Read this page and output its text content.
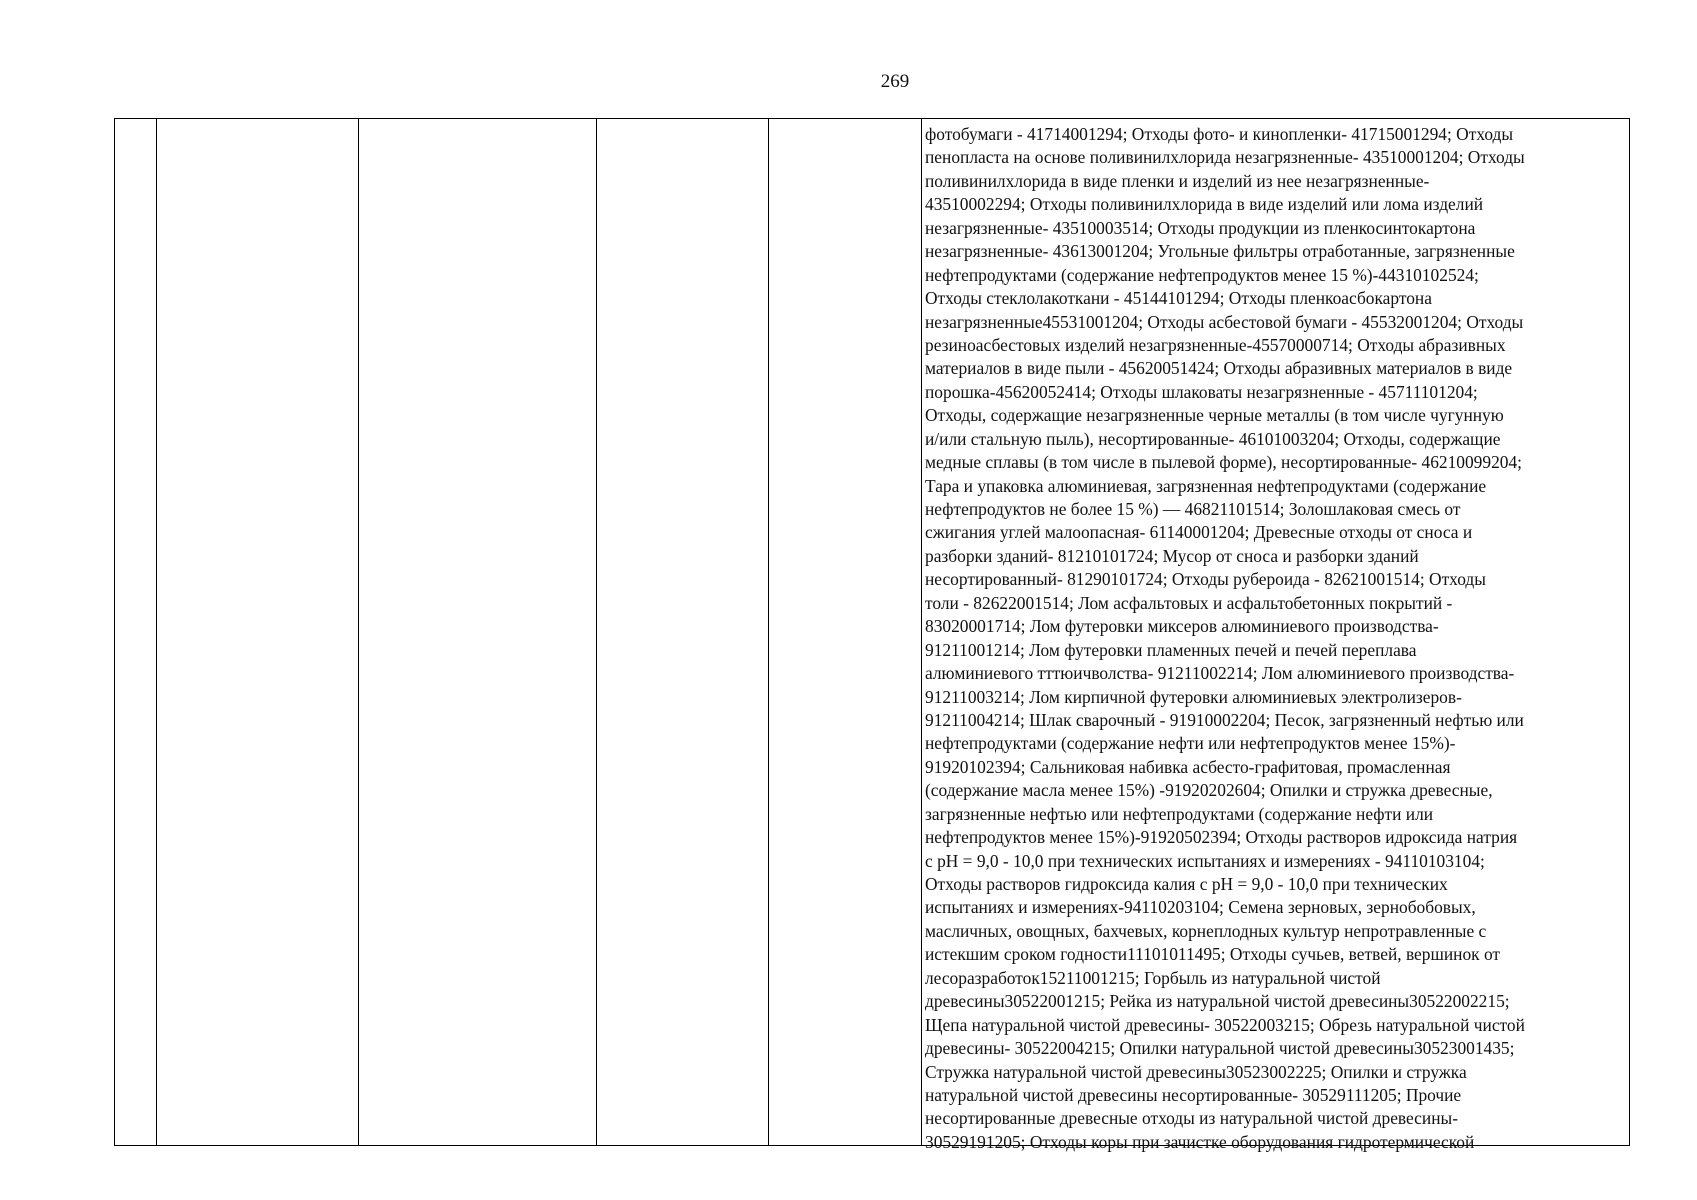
269
фотобумаги - 41714001294; Отходы фото- и кинопленки- 41715001294; Отходы
пенопласта на основе поливинилхлорида незагрязненные- 43510001204; Отходы
поливинилхлорида в виде пленки и изделий из нее незагрязненные-
43510002294; Отходы поливинилхлорида в виде изделий или лома изделий
незагрязненные- 43510003514; Отходы продукции из пленкосинтокартона
незагрязненные- 43613001204; Угольные фильтры отработанные, загрязненные
нефтепродуктами (содержание нефтепродуктов менее 15 %)-44310102524;
Отходы стеклолакоткани - 45144101294; Отходы пленкоасбокартона
незагрязненные45531001204; Отходы асбестовой бумаги - 45532001204; Отходы
резиноасбестовых изделий незагрязненные-45570000714; Отходы абразивных
материалов в виде пыли - 45620051424; Отходы абразивных материалов в виде
порошка-45620052414; Отходы шлаковаты незагрязненные - 45711101204;
Отходы, содержащие незагрязненные черные металлы (в том числе чугунную
и/или стальную пыль), несортированные- 46101003204; Отходы, содержащие
медные сплавы (в том числе в пылевой форме), несортированные- 46210099204;
Тара и упаковка алюминиевая, загрязненная нефтепродуктами (содержание
нефтепродуктов не более 15 %) — 46821101514; Золошлаковая смесь от
сжигания углей малоопасная- 61140001204; Древесные отходы от сноса и
разборки зданий- 81210101724; Мусор от сноса и разборки зданий
несортированный- 81290101724; Отходы рубероида - 82621001514; Отходы
толи - 82622001514; Лом асфальтовых и асфальтобетонных покрытий -
83020001714; Лом футеровки миксеров алюминиевого производства-
91211001214; Лом футеровки пламенных печей и печей переплава
алюминиевого тттюичволства- 91211002214; Лом алюминиевого производства-
91211003214; Лом кирпичной футеровки алюминиевых электролизеров-
91211004214; Шлак сварочный - 91910002204; Песок, загрязненный нефтью или
нефтепродуктами (содержание нефти или нефтепродуктов менее 15%)-
91920102394; Сальниковая набивка асбесто-графитовая, промасленная
(содержание масла менее 15%) -91920202604; Опилки и стружка древесные,
загрязненные нефтью или нефтепродуктами (содержание нефти или
нефтепродуктов менее 15%)-91920502394; Отходы растворов идроксида натрия
с pH = 9,0 - 10,0 при технических испытаниях и измерениях - 94110103104;
Отходы растворов гидроксида калия с pH = 9,0 - 10,0 при технических
испытаниях и измерениях-94110203104; Семена зерновых, зернобобовых,
масличных, овощных, бахчевых, корнеплодных культур непротравленные с
истекшим сроком годности11101011495; Отходы сучьев, ветвей, вершинок от
лесоразработок15211001215; Горбыль из натуральной чистой
древесины30522001215; Рейка из натуральной чистой древесины30522002215;
Щепа натуральной чистой древесины- 30522003215; Обрезь натуральной чистой
древесины- 30522004215; Опилки натуральной чистой древесины30523001435;
Стружка натуральной чистой древесины30523002225; Опилки и стружка
натуральной чистой древесины несортированные- 30529111205; Прочие
несортированные древесные отходы из натуральной чистой древесины-
30529191205; Отходы коры при зачистке оборудования гидротермической
